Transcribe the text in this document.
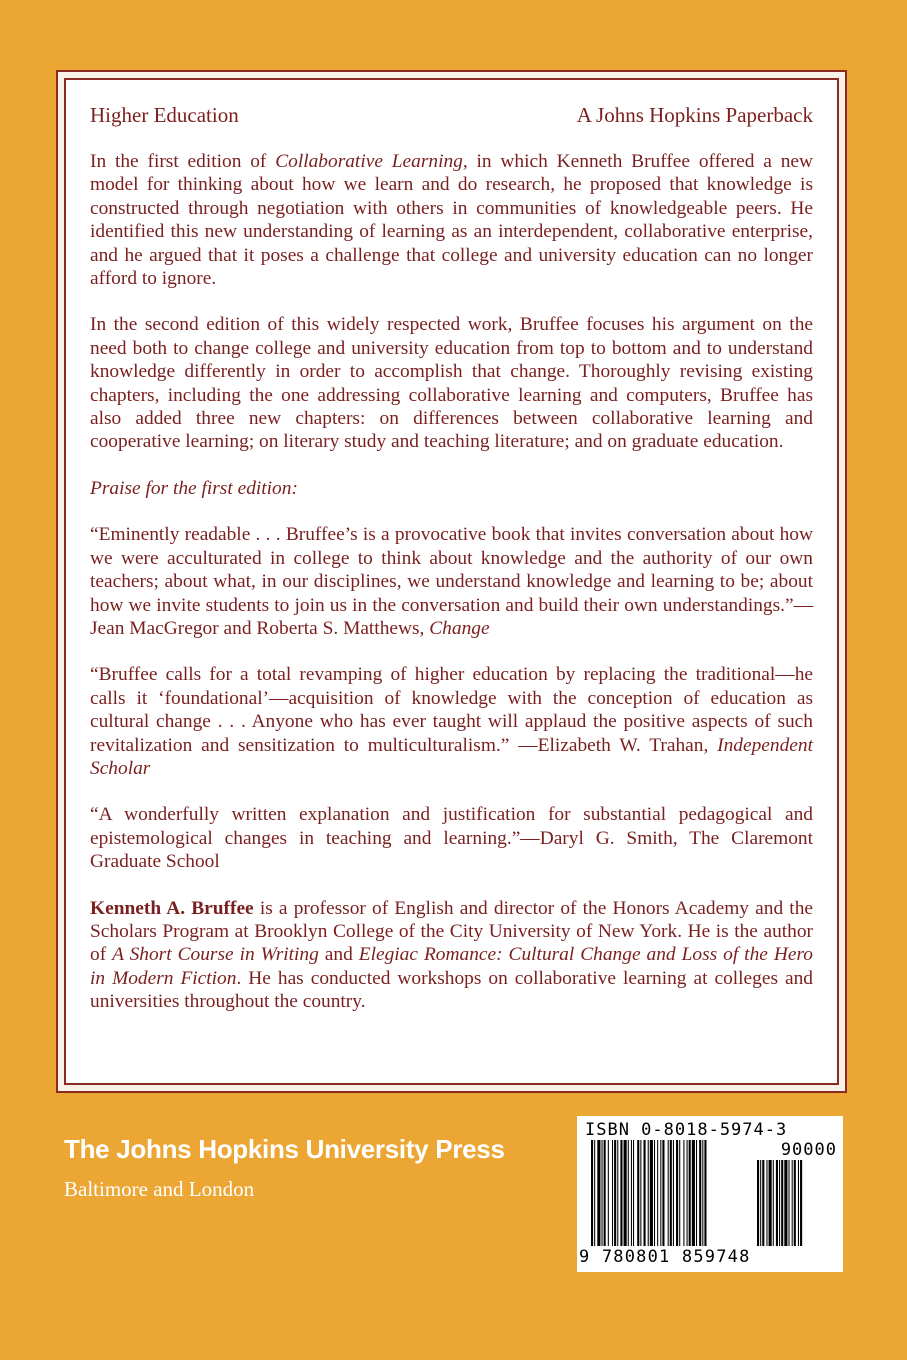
Higher Education	A Johns Hopkins Paperback

In the first edition of Collaborative Learning, in which Kenneth Bruffee offered a new model for thinking about how we learn and do research, he proposed that knowledge is constructed through negotiation with others in communities of knowledgeable peers. He identified this new understanding of learning as an interdependent, collaborative enterprise, and he argued that it poses a challenge that college and university education can no longer afford to ignore.

In the second edition of this widely respected work, Bruffee focuses his argument on the need both to change college and university education from top to bottom and to understand knowledge differently in order to accomplish that change. Thoroughly revising existing chapters, including the one addressing collaborative learning and computers, Bruffee has also added three new chapters: on differences between collaborative learning and cooperative learning; on literary study and teaching literature; and on graduate education.

Praise for the first edition:

“Eminently readable . . . Bruffee’s is a provocative book that invites conversation about how we were acculturated in college to think about knowledge and the authority of our own teachers; about what, in our disciplines, we understand knowledge and learning to be; about how we invite students to join us in the conversation and build their own understandings.”—Jean MacGregor and Roberta S. Matthews, Change

“Bruffee calls for a total revamping of higher education by replacing the traditional—he calls it ‘foundational’—acquisition of knowledge with the conception of education as cultural change . . . Anyone who has ever taught will applaud the positive aspects of such revitalization and sensitization to multiculturalism.” —Elizabeth W. Trahan, Independent Scholar

“A wonderfully written explanation and justification for substantial pedagogical and epistemological changes in teaching and learning.”—Daryl G. Smith, The Claremont Graduate School

Kenneth A. Bruffee is a professor of English and director of the Honors Academy and the Scholars Program at Brooklyn College of the City University of New York. He is the author of A Short Course in Writing and Elegiac Romance: Cultural Change and Loss of the Hero in Modern Fiction. He has conducted workshops on collaborative learning at colleges and universities throughout the country.

The Johns Hopkins University Press
Baltimore and London
ISBN 0-8018-5974-3
90000
9 780801 859748
